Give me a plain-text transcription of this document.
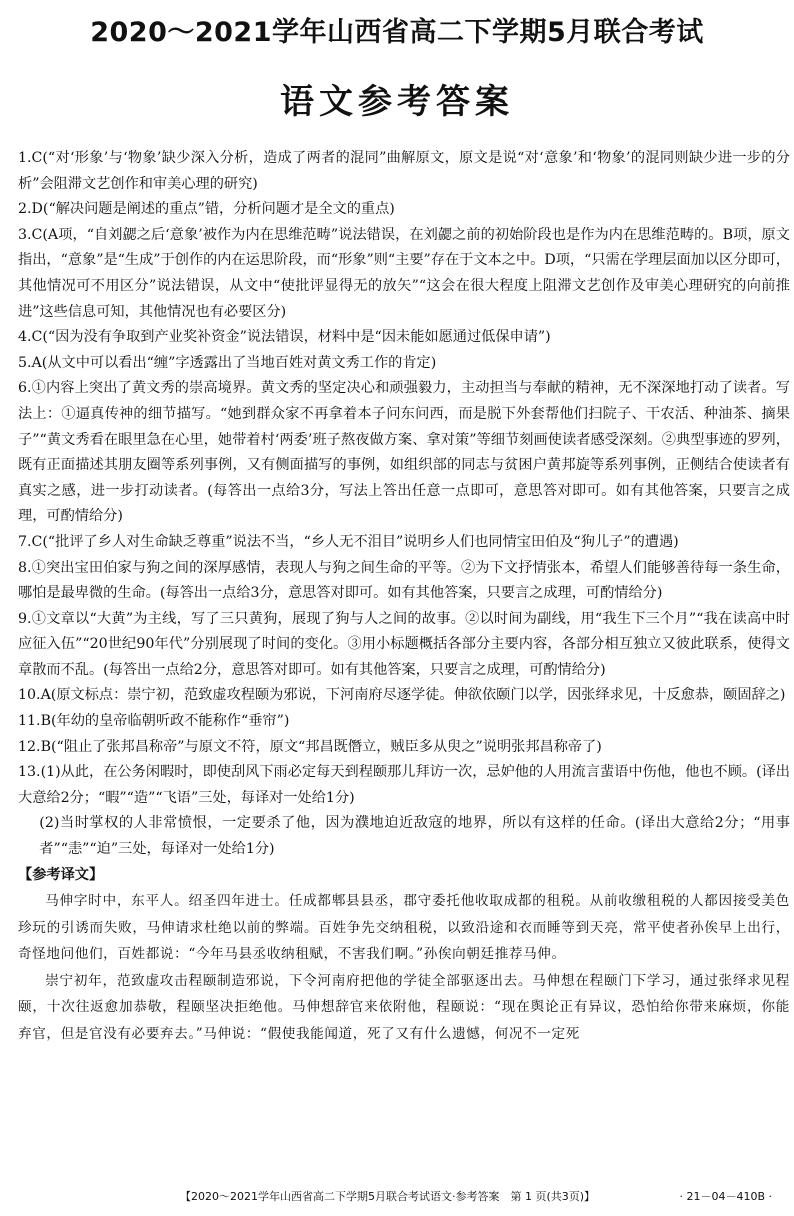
2020～2021学年山西省高二下学期5月联合考试
语文参考答案

1.C(“对‘形象’与‘物象’缺少深入分析，造成了两者的混同”曲解原文，原文是说“对‘意象’和‘物象’的混同则缺少进一步的分析”会阻滞文艺创作和审美心理的研究)

2.D(“解决问题是阐述的重点”错，分析问题才是全文的重点)

3.C(A项，“自刘勰之后‘意象’被作为内在思维范畴”说法错误，在刘勰之前的初始阶段也是作为内在思维范畴的。B项，原文指出，“意象”是“生成”于创作的内在运思阶段，而“形象”则“主要”存在于文本之中。D项，“只需在学理层面加以区分即可，其他情况可不用区分”说法错误，从文中“使批评显得无的放矢”“这会在很大程度上阻滞文艺创作及审美心理研究的向前推进”这些信息可知，其他情况也有必要区分)

4.C(“因为没有争取到产业奖补资金”说法错误，材料中是“因未能如愿通过低保申请”)

5.A(从文中可以看出“缠”字透露出了当地百姓对黄文秀工作的肯定)

6.①内容上突出了黄文秀的崇高境界。黄文秀的坚定决心和顽强毅力，主动担当与奉献的精神，无不深深地打动了读者。写法上：①逼真传神的细节描写。“她到群众家不再拿着本子问东问西，而是脱下外套帮他们扫院子、干农活、种油茶、摘果子”“黄文秀看在眼里急在心里，她带着村‘两委’班子熬夜做方案、拿对策”等细节刻画使读者感受深刻。②典型事迹的罗列，既有正面描述其朋友圈等系列事例，又有侧面描写的事例，如组织部的同志与贫困户黄邦旋等系列事例，正侧结合使读者有真实之感，进一步打动读者。(每答出一点给3分，写法上答出任意一点即可，意思答对即可。如有其他答案，只要言之成理，可酌情给分)

7.C(“批评了乡人对生命缺乏尊重”说法不当，“乡人无不泪目”说明乡人们也同情宝田伯及“狗儿子”的遭遇)

8.①突出宝田伯家与狗之间的深厚感情，表现人与狗之间生命的平等。②为下文抒情张本，希望人们能够善待每一条生命，哪怕是最卑微的生命。(每答出一点给3分，意思答对即可。如有其他答案，只要言之成理，可酌情给分)

9.①文章以“大黄”为主线，写了三只黄狗，展现了狗与人之间的故事。②以时间为副线，用“我生下三个月”“我在读高中时应征入伍”“20世纪90年代”分别展现了时间的变化。③用小标题概括各部分主要内容，各部分相互独立又彼此联系，使得文章散而不乱。(每答出一点给2分，意思答对即可。如有其他答案，只要言之成理，可酌情给分)

10.A(原文标点：崇宁初，范致虚攻程颐为邪说，下河南府尽逐学徒。伸欲依颐门以学，因张绎求见，十反愈恭，颐固辞之)

11.B(年幼的皇帝临朝听政不能称作“垂帘”)

12.B(“阻止了张邦昌称帝”与原文不符，原文“邦昌既僭立，贼臣多从臾之”说明张邦昌称帝了)

13.(1)从此，在公务闲暇时，即使刮风下雨必定每天到程颐那儿拜访一次，忌妒他的人用流言蜚语中伤他，他也不顾。(译出大意给2分；“暇”“造”“飞语”三处，每译对一处给1分)

(2)当时掌权的人非常愤恨，一定要杀了他，因为濮地迫近敌寇的地界，所以有这样的任命。(译出大意给2分；“用事者”“恚”“迫”三处，每译对一处给1分)

【参考译文】

马伸字时中，东平人。绍圣四年进士。任成都郫县县丞，郡守委托他收取成都的租税。从前收缴租税的人都因接受美色珍玩的引诱而失败，马伸请求杜绝以前的弊端。百姓争先交纳租税，以致沿途和衣而睡等到天亮，常平使者孙俟早上出行，奇怪地问他们，百姓都说：“今年马县丞收纳租赋，不害我们啊。”孙俟向朝廷推荐马伸。

崇宁初年，范致虚攻击程颐制造邪说，下令河南府把他的学徒全部驱逐出去。马伸想在程颐门下学习，通过张绎求见程颐，十次往返愈加恭敬，程颐坚决拒绝他。马伸想辞官来依附他，程颐说：“现在舆论正有异议，恐怕给你带来麻烦，你能弃官，但是官没有必要弃去。”马伸说：“假使我能闻道，死了又有什么遗憾，何况不一定死

【2020～2021学年山西省高二下学期5月联合考试语文·参考答案　第 1 页(共3页)】	· 21－04－410B ·
